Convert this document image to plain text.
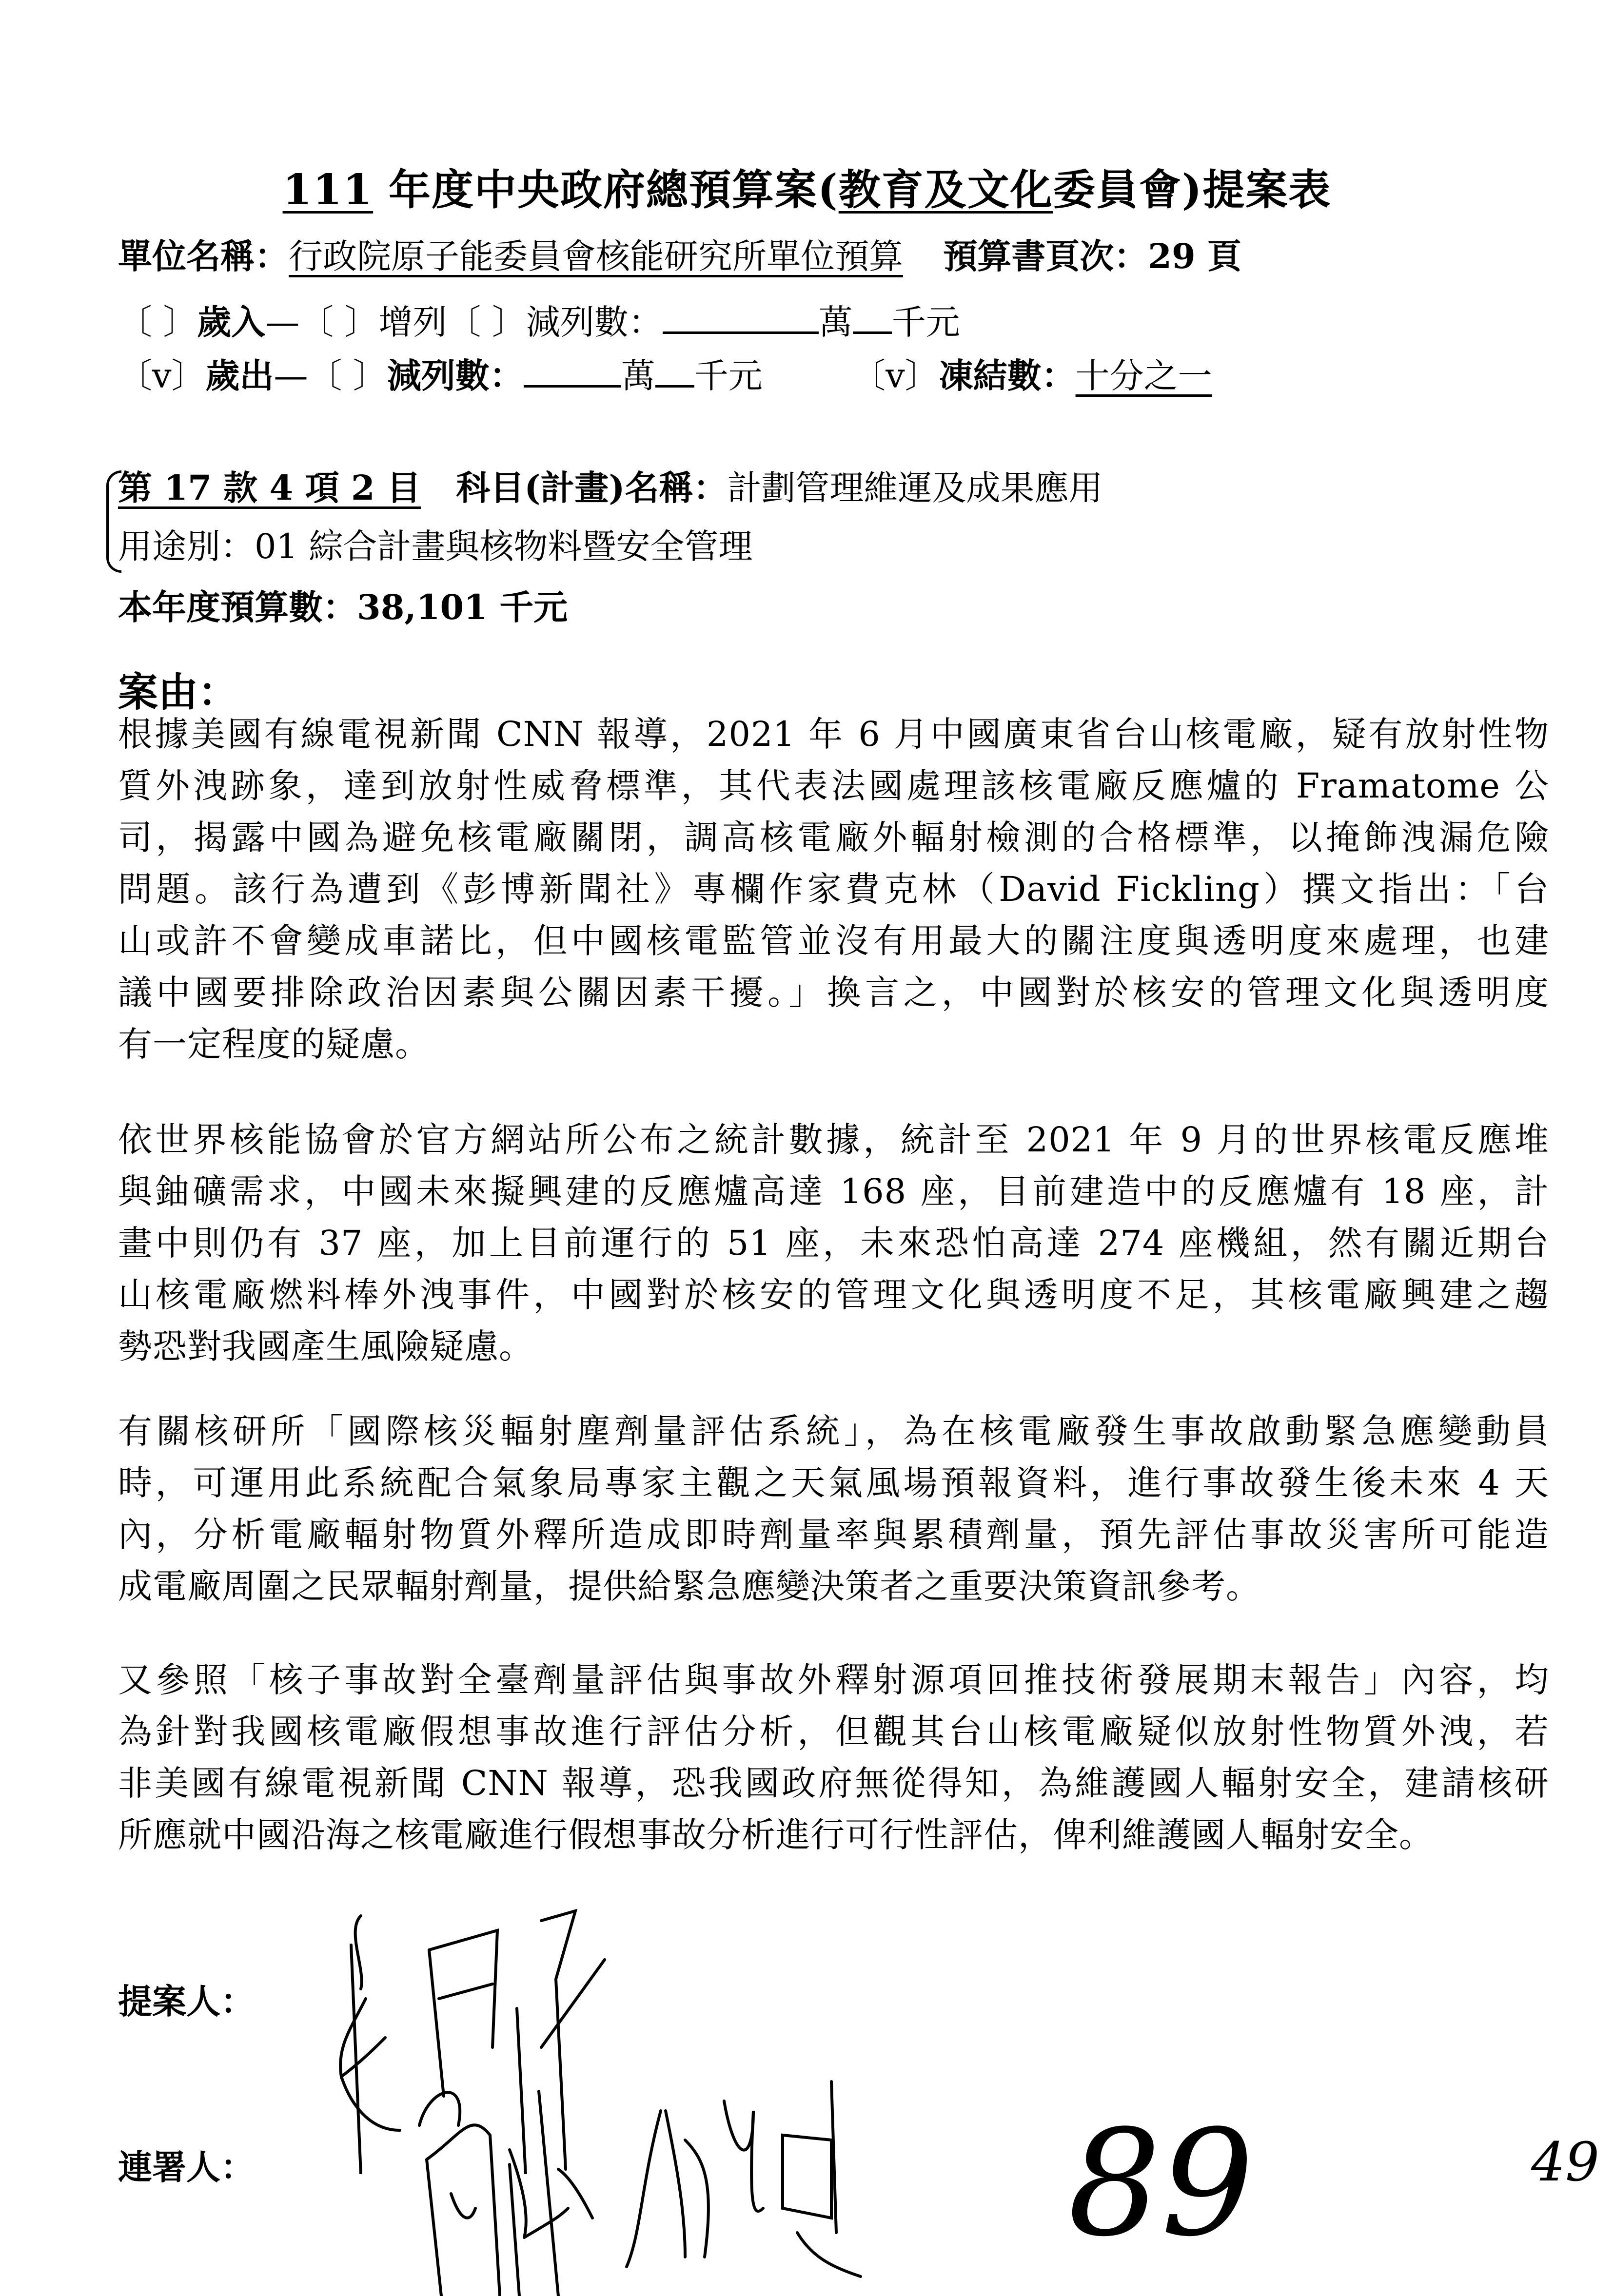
111 年度中央政府總預算案(教育及文化委員會)提案表
單位名稱：行政院原子能委員會核能研究所單位預算 預算書頁次：29 頁
〔 〕歲入—〔 〕增列〔 〕減列數：	萬 千元
〔v〕歲出—〔 〕減列數：	萬 千元	〔v〕凍結數：十分之一
第 17 款 4 項 2 目 科目(計畫)名稱：計劃管理維運及成果應用
用途別：01 綜合計畫與核物料暨安全管理
本年度預算數：38,101 千元
案由：
根據美國有線電視新聞 CNN 報導，2021 年 6 月中國廣東省台山核電廠，疑有放射性物
質外洩跡象，達到放射性威脅標準，其代表法國處理該核電廠反應爐的 Framatome 公
司，揭露中國為避免核電廠關閉，調高核電廠外輻射檢測的合格標準，以掩飾洩漏危險
問題。該行為遭到《彭博新聞社》專欄作家費克林（David Fickling）撰文指出：「台
山或許不會變成車諾比，但中國核電監管並沒有用最大的關注度與透明度來處理，也建
議中國要排除政治因素與公關因素干擾。」換言之，中國對於核安的管理文化與透明度
有一定程度的疑慮。
依世界核能協會於官方網站所公布之統計數據，統計至 2021 年 9 月的世界核電反應堆
與鈾礦需求，中國未來擬興建的反應爐高達 168 座，目前建造中的反應爐有 18 座，計
畫中則仍有 37 座，加上目前運行的 51 座，未來恐怕高達 274 座機組，然有關近期台
山核電廠燃料棒外洩事件，中國對於核安的管理文化與透明度不足，其核電廠興建之趨
勢恐對我國產生風險疑慮。
有關核研所「國際核災輻射塵劑量評估系統」，為在核電廠發生事故啟動緊急應變動員
時，可運用此系統配合氣象局專家主觀之天氣風場預報資料，進行事故發生後未來 4 天
內，分析電廠輻射物質外釋所造成即時劑量率與累積劑量，預先評估事故災害所可能造
成電廠周圍之民眾輻射劑量，提供給緊急應變決策者之重要決策資訊參考。
又參照「核子事故對全臺劑量評估與事故外釋射源項回推技術發展期末報告」內容，均
為針對我國核電廠假想事故進行評估分析，但觀其台山核電廠疑似放射性物質外洩，若
非美國有線電視新聞 CNN 報導，恐我國政府無從得知，為維護國人輻射安全，建請核研
所應就中國沿海之核電廠進行假想事故分析進行可行性評估，俾利維護國人輻射安全。
提案人：
連署人：	89	49
